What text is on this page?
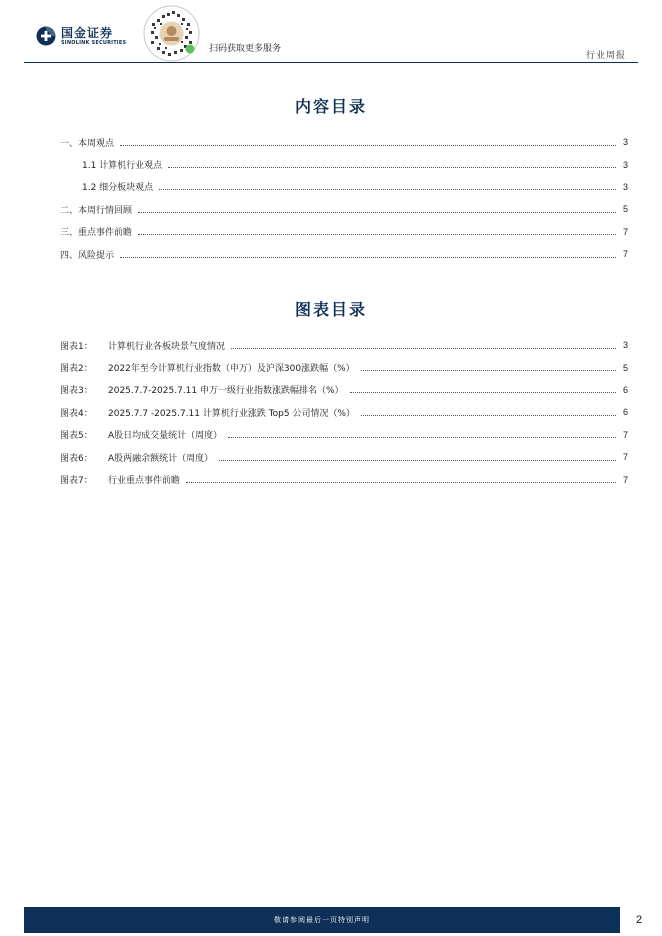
国金证券
SINOLINK SECURITIES
扫码获取更多服务
行业周报
内容目录
一、本周观点	3
1.1 计算机行业观点	3
1.2 细分板块观点	3
二、本周行情回顾	5
三、重点事件前瞻	7
四、风险提示	7
图表目录
图表1：	计算机行业各板块景气度情况	3
图表2：	2022年至今计算机行业指数（申万）及沪深300涨跌幅（%）	5
图表3：	2025.7.7-2025.7.11 申万一级行业指数涨跌幅排名（%）	6
图表4：	2025.7.7 -2025.7.11 计算机行业涨跌 Top5 公司情况（%）	6
图表5：	A股日均成交量统计（周度）	7
图表6：	A股两融余额统计（周度）	7
图表7：	行业重点事件前瞻	7
敬请参阅最后一页特别声明	2
